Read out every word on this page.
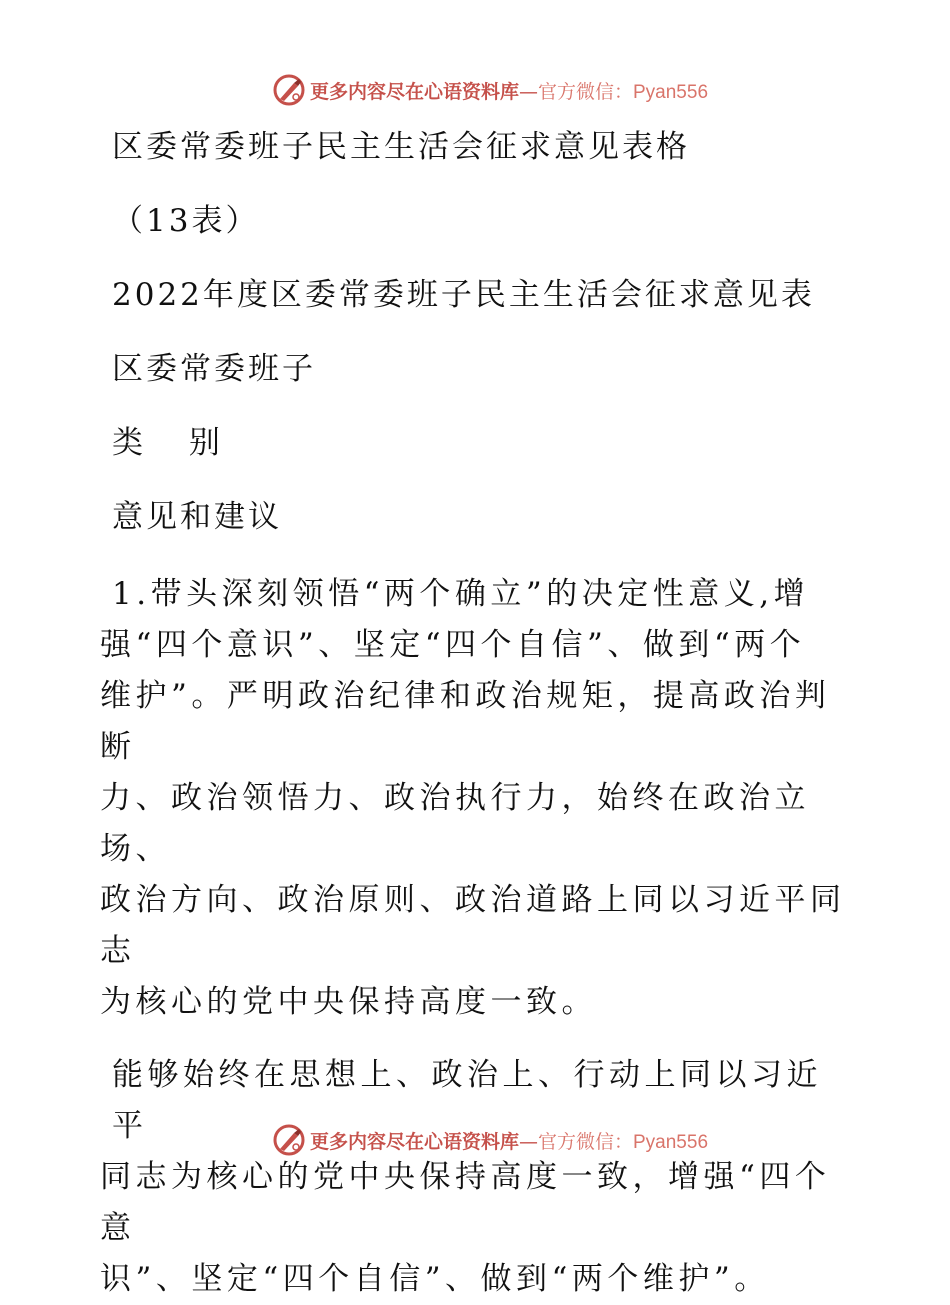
更多内容尽在心语资料库—官方微信：Pyan556
区委常委班子民主生活会征求意见表格
（13表）
2022年度区委常委班子民主生活会征求意见表
区委常委班子
类 别
意见和建议
1.带头深刻领悟“两个确立”的决定性意义,增
强“四个意识”、坚定“四个自信”、做到“两个
维护”。严明政治纪律和政治规矩，提高政治判断
力、政治领悟力、政治执行力，始终在政治立场、
政治方向、政治原则、政治道路上同以习近平同志
为核心的党中央保持高度一致。
能够始终在思想上、政治上、行动上同以习近平
同志为核心的党中央保持高度一致，增强“四个意
识”、坚定“四个自信”、做到“两个维护”。
更多内容尽在心语资料库—官方微信：Pyan556
